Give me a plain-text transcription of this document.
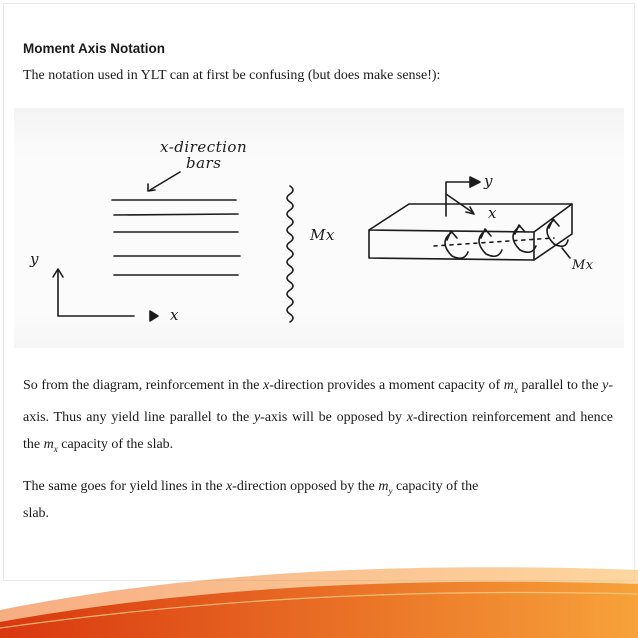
Moment Axis Notation
The notation used in YLT can at first be confusing (but does make sense!):
x-direction
bars
y
x
Mx
y
x
Mx
So from the diagram, reinforcement in the x-direction provides a moment capacity of $m_x$ parallel to the y-axis. Thus any yield line parallel to the y-axis will be opposed by x-direction reinforcement and hence the $m_x$ capacity of the slab.
The same goes for yield lines in the x-direction opposed by the $m_y$ capacity of the
slab.
